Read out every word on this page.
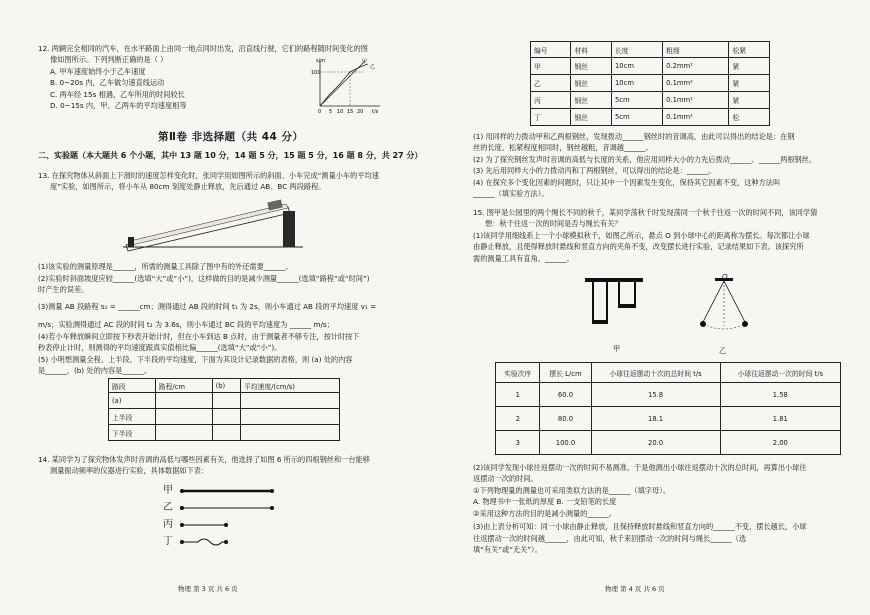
12. 两辆完全相同的汽车，在水平路面上由同一地点同时出发，沿直线行驶，它们的路程随时间变化的图
像如图所示。下列判断正确的是（ ）
A. 甲车速度始终小于乙车速度
B. 0~20s 内，乙车做匀速直线运动
C. 两车经 15s 相遇，乙车所用的时间较长
D. 0~15s 内，甲、乙两车的平均速度相等
100
s/m
0 5 10 15 20 t/s
甲
乙
第Ⅱ卷 非选择题（共 44 分）
二、实验题（本大题共 6 个小题，其中 13 题 10 分，14 题 5 分，15 题 5 分，16 题 8 分，共 27 分）
13. 在探究物体从斜面上下滑时的速度怎样变化时，张同学用如图所示的斜面、小车完成“测量小车的平均速
度”实验，如图所示，将小车从 80cm 刻度处静止释放，先后通过 AB、BC 两段路程。
(1)该实验的测量原理是______，所需的测量工具除了图中有的外还需要______。
(2)实验时斜面坡度应较______(选填“大”或“小”)，这样做的目的是减少测量______(选填“路程”或“时间”)
时产生的误差。
(3)测量 AB 段路程 s₁ = ______cm；测得通过 AB 段的时间 t₁ 为 2s，则小车通过 AB 段的平均速度 v₁ =
m/s；实验测得通过 AC 段的时间 t₂ 为 3.6s，则小车通过 BC 段的平均速度为 ______ m/s；
(4)若小车释放瞬间立即按下秒表开始计时，但在小车到达 B 点时，由于测量者不够专注，按计时按下
秒表停止计时，则测得的平均速度跟真实值相比偏______(选填“大”或“小”)。
(5) 小明想测量全程、上半段、下半段的平均速度，下面为其设计记录数据的表格，则 (a) 处的内容
是______，(b) 处的内容是______。
路段	路程/cm	(b)	平均速度/(cm/s)
(a)			
上半段			
下半段			
14. 某同学为了探究物体发声时音调的高低与哪些因素有关，他选择了如图 6 所示的四根钢丝和一台能够
测量振动频率的仪器进行实验，具体数据如下表：
甲
乙
丙
丁
物理 第 3 页 共 6 页
编号	材料	长度	粗细	松紧
甲	钢丝	10cm	0.2mm²	紧
乙	钢丝	10cm	0.1mm²	紧
丙	钢丝	5cm	0.1mm²	紧
丁	钢丝	5cm	0.1mm²	松
(1) 用同样的力拨动甲和乙两根钢丝，发现拨动______钢丝时的音调高，由此可以得出的结论是：在钢
丝的长度、松紧程度相同时，钢丝越粗，音调越______。
(2) 为了探究钢丝发声时音调的高低与长度的关系，他应用同样大小的力先后拨动______、______两根钢丝。
(3) 先后用同样大小的力拨动丙和丁两根钢丝，可以得出的结论是：______。
(4) 在探究多个变化因素的问题时，只让其中一个因素发生变化，保持其它因素不变，这种方法叫
______（填实验方法）。
15. 图甲是公园里的两个绳长不同的秋千，某同学荡秋千时发现荡同一个秋千往返一次的时间不同，该同学猜
想：秋千往返一次的时间是否与绳长有关？
(1)该同学用细线系上一个小球模拟秋千，如图乙所示，悬点 O 到小球中心的距离称为摆长。每次都让小球
由静止释放，且使得释放时悬线和竖直方向的夹角不变，改变摆长进行实验，记录结果如下表。该探究所
需的测量工具有直角、______。
甲
O
乙
实验次序	摆长 L/cm	小球往返摆动十次的总时间 t/s	小球往返摆动一次的时间 t/s
1	60.0	15.8	1.58
2	80.0	18.1	1.81
3	100.0	20.0	2.00
(2)该同学发现小球往返摆动一次的时间不易测准，于是他测出小球往返摆动十次的总时间，再算出小球往
返摆动一次的时间。
①下列物理量的测量也可采用类似方法的是______（填字母）。
A. 物理书中一张纸的厚度 B. 一支铅笔的长度
②采用这种方法的目的是减小测量的______。
(3)由上表分析可知：同一小球由静止释放，且保持释放时悬线和竖直方向的______不变，摆长越长，小球
往返摆动一次的时间越______，由此可知，秋千来回摆动一次的时间与绳长______（选
填“有关”或“无关”）。
物理 第 4 页 共 6 页
